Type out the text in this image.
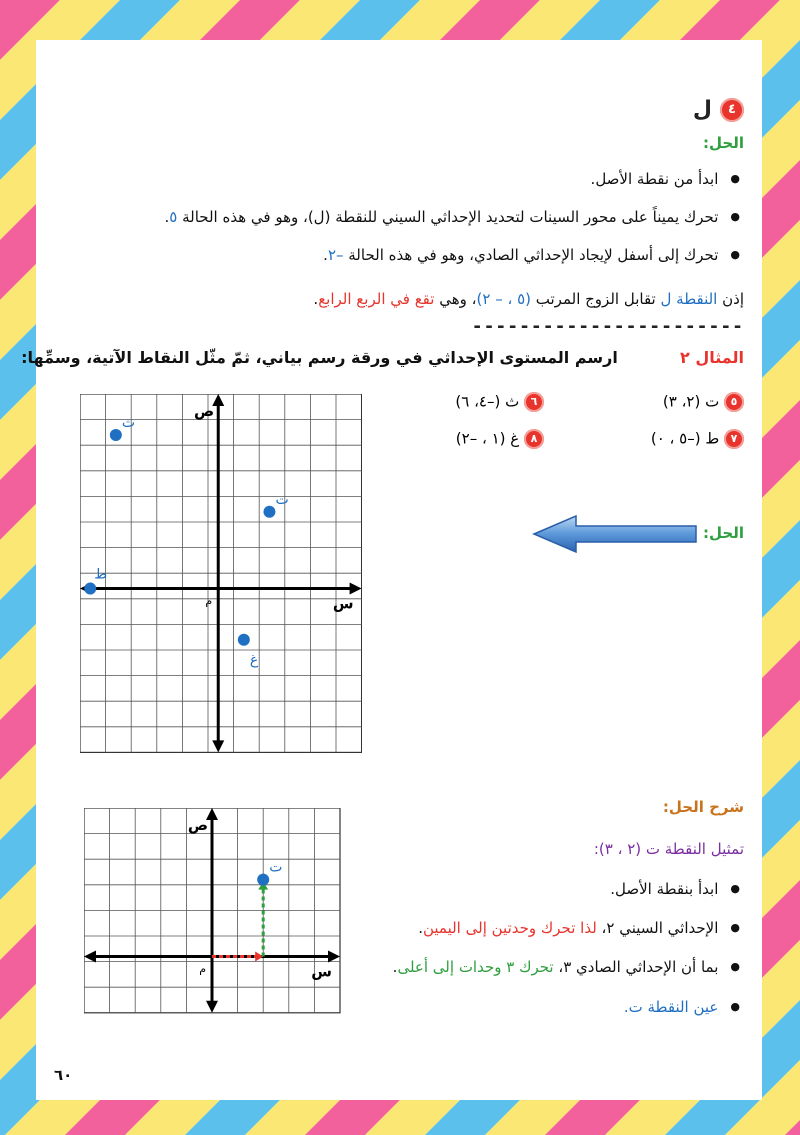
٤
ل
الحل:
● ابدأ من نقطة الأصل.
● تحرك يميناً على محور السينات لتحديد الإحداثي السيني للنقطة (ل)، وهو في هذه الحالة ٥.
● تحرك إلى أسفل لإيجاد الإحداثي الصادي، وهو في هذه الحالة –٢.
إذن النقطة ل تقابل الزوج المرتب (٥ ، – ٢)، وهي تقع في الربع الرابع.
-----------------------
المثال ٢  ارسم المستوى الإحداثي في ورقة رسم بياني، ثمّ مثّل النقاط الآتية، وسمِّها:
٥ ت (٢، ٣)
٦ ث (–٤، ٦)
٧ ط (–٥ ، ٠)
٨ غ (١ ، –٢)
الحل:
شرح الحل:
تمثيل النقطة ت (٢ ، ٣):
● ابدأ بنقطة الأصل.
● الإحداثي السيني ٢، لذا تحرك وحدتين إلى اليمين.
● بما أن الإحداثي الصادي ٣، تحرك ٣ وحدات إلى أعلى.
● عين النقطة ت.
٦٠
ص
س
م
ث
ت
ط
غ
ص
س
م
ت
